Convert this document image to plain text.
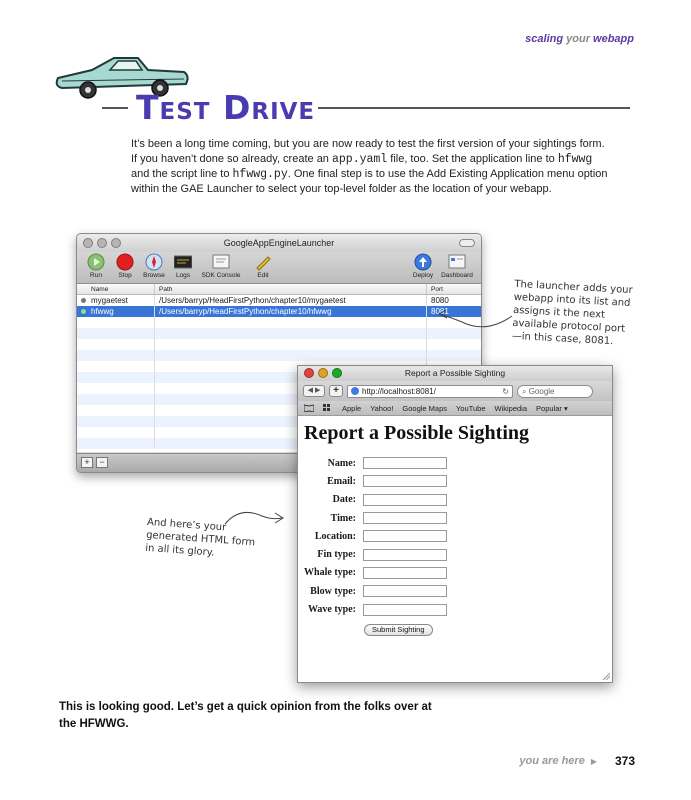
scaling your webapp
Test Drive
It’s been a long time coming, but you are now ready to test the first version of your sightings form.
If you haven’t done so already, create an app.yaml file, too. Set the application line to hfwwg
and the script line to hfwwg.py. One final step is to use the Add Existing Application menu option
within the GAE Launcher to select your top-level folder as the location of your webapp.
GoogleAppEngineLauncher
Run	Stop Browse Logs SDK Console	Edit	Deploy Dashboard
Name	Path	Port
mygaetest	/Users/barryp/HeadFirstPython/chapter10/mygaetest	8080
hfwwg	/Users/barryp/HeadFirstPython/chapter10/hfwwg	8081
+	−
Report a Possible Sighting
◀ ▶	+	http://localhost:8081/	↻	⌕ Google
Apple Yahoo! Google Maps YouTube Wikipedia Popular ▾
Report a Possible Sighting
Name:
Email:
Date:
Time:
Location:
Fin type:
Whale type:
Blow type:
Wave type:
Submit Sighting
The launcher adds your webapp into its list and assigns it the next available protocol port—in this case, 8081.
And here’s your generated HTML form in all its glory.
This is looking good. Let’s get a quick opinion from the folks over at the HFWWG.
you are here ▶ 373
